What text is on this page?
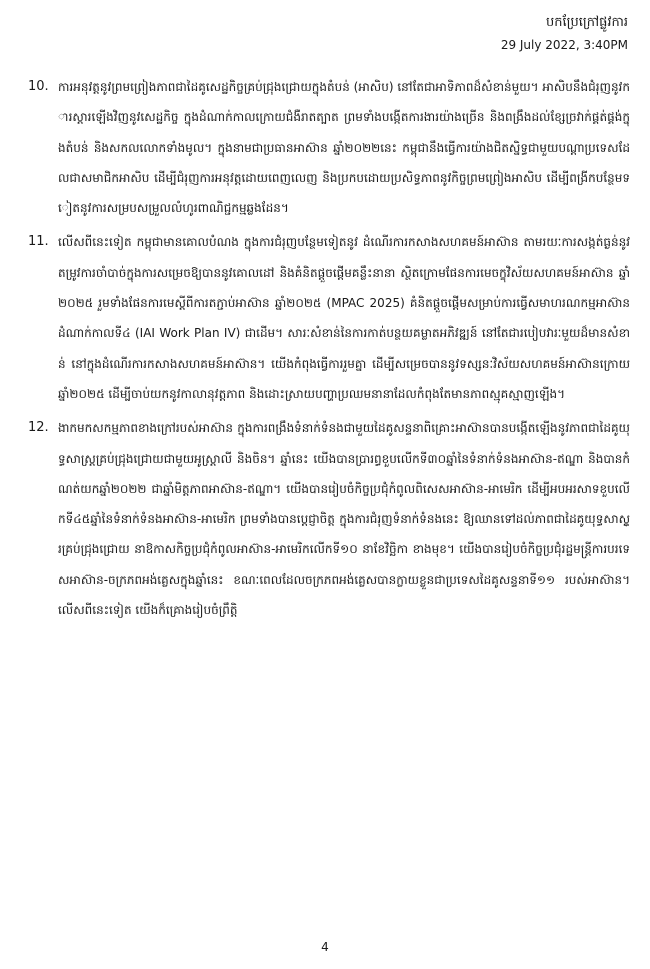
បកប្រែក្រៅផ្លូវការ
29 July 2022, 3:40PM
10. ការអនុវត្តនូវព្រមព្រៀងភាពជាដៃគូសេដ្ឋកិច្ចគ្រប់ជ្រុងជ្រោយក្នុងតំបន់ (អាសិប) នៅតែជាអាទិភាពដ៏សំខាន់មួយ។ អាសិបនឹងជំរុញនូវការស្តារឡើងវិញនូវសេដ្ឋកិច្ច ក្នុងដំណាក់កាលក្រោយជំងឺរាតត្បាត ព្រមទាំងបង្កើតការងារយ៉ាងច្រើន និងពង្រឹងដល់ខ្សែច្រវាក់ផ្គត់ផ្គង់ក្នុងតំបន់ និងសកលលោកទាំងមូល។ ក្នុងនាមជាប្រធានអាស៊ាន ឆ្នាំ២០២២នេះ កម្ពុជានឹងធ្វើការយ៉ាងជិតស្និទ្ធជាមួយបណ្តាប្រទេសដែលជាសមាជិកអាសិប ដើម្បីជំរុញការអនុវត្តដោយពេញលេញ និងប្រកបដោយប្រសិទ្ធភាពនូវកិច្ចព្រមព្រៀងអាសិប ដើម្បីពង្រីកបន្ថែមទៀតនូវការសម្របសម្រួលលំហូរពាណិជ្ជកម្មឆ្លងដែន។
11. លើសពីនេះទៀត កម្ពុជាមានគោលបំណង ក្នុងការជំរុញបន្ថែមទៀតនូវ ដំណើរការកសាងសហគមន៍អាស៊ាន តាមរយៈការសង្កត់ធ្ងន់នូវតម្រូវការចាំបាច់ក្នុងការសម្រេចឱ្យបាននូវគោលដៅ និងគំនិតផ្តួចផ្តើមគន្លឹះនានា ស្ថិតក្រោមផែនការមេចក្ខុវិស័យសហគមន៍អាស៊ាន ឆ្នាំ២០២៥ រួមទាំងផែនការមេស្តីពីការតភ្ជាប់អាស៊ាន ឆ្នាំ២០២៥ (MPAC 2025) គំនិតផ្តួចផ្តើមសម្រាប់ការធ្វើសមាហរណកម្មអាស៊ាន ដំណាក់កាលទី៤ (IAI Work Plan IV) ជាដើម។ សារៈសំខាន់នៃការកាត់បន្ថយគម្លាតអភិវឌ្ឍន៍ នៅតែជារបៀបវារៈមួយដ៏មានសំខាន់ នៅក្នុងដំណើរការកសាងសហគមន៍អាស៊ាន។ យើងកំពុងធ្វើការរួមគ្នា ដើម្បីសម្រេចបាននូវទស្សនៈវិស័យសហគមន៍អាស៊ានក្រោយឆ្នាំ២០២៥ ដើម្បីចាប់យកនូវកាលានុវត្តភាព និងដោះស្រាយបញ្ហាប្រឈមនានាដែលកំពុងតែមានភាពស្មុគស្មាញឡើង។
12. ងាកមកសកម្មភាពខាងក្រៅរបស់អាស៊ាន ក្នុងការពង្រឹងទំនាក់ទំនងជាមួយដៃគូសន្ទនាពិគ្រោះអាស៊ានបានបង្កើតឡើងនូវភាពជាដៃគូយុទ្ធសាស្ត្រគ្រប់ជ្រុងជ្រោយជាមួយអូស្រ្តាលី និងចិន។ ឆ្នាំនេះ យើងបានប្រារព្ធខួបលើកទី៣០ឆ្នាំនៃទំនាក់ទំនងអាស៊ាន-ឥណ្ឌា និងបានកំណត់យកឆ្នាំ២០២២ ជាឆ្នាំមិត្តភាពអាស៊ាន-ឥណ្ឌា។ យើងបានរៀបចំកិច្ចប្រជុំកំពូលពិសេសអាស៊ាន-អាមេរិក ដើម្បីអបអរសាទខួបលើកទី៤៥ឆ្នាំនៃទំនាក់ទំនងអាស៊ាន-អាមេរិក ព្រមទាំងបានប្តេជ្ញាចិត្ត ក្នុងការជំរុញទំនាក់ទំនងនេះ ឱ្យឈានទៅដល់ភាពជាដៃគូយុទ្ធសាស្ត្រគ្រប់ជ្រុងជ្រោយ នាឱកាសកិច្ចប្រជុំកំពូលអាស៊ាន-អាមេរិកលើកទី១០ នាខែវិច្ឆិកា ខាងមុខ។ យើងបានរៀបចំកិច្ចប្រជុំរដ្ឋមន្ត្រីការបរទេសអាស៊ាន-ចក្រភពអង់គ្លេសក្នុងឆ្នាំនេះ ខណៈពេលដែលចក្រភពអង់គ្លេសបានក្លាយខ្លួនជាប្រទេសដៃគូសន្ទនាទី១១ របស់អាស៊ាន។ លើសពីនេះទៀត យើងក៏គ្រោងរៀបចំព្រឹត្តិ
4
